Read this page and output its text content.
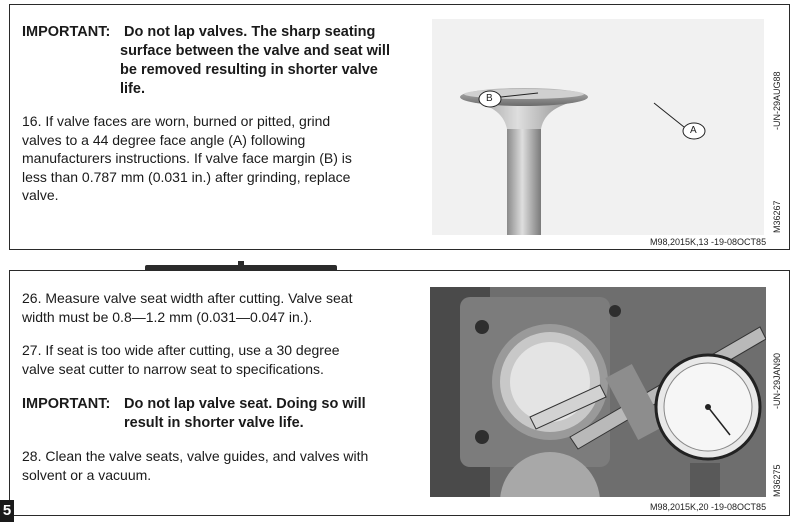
IMPORTANT: Do not lap valves. The sharp seating
surface between the valve and seat will
be removed resulting in shorter valve
life.
16. If valve faces are worn, burned or pitted, grind
valves to a 44 degree face angle (A) following
manufacturers instructions. If valve face margin (B) is
less than 0.787 mm (0.031 in.) after grinding, replace
valve.
B
A
-UN-29AUG88
M36267
M98,2015K,13 -19-08OCT85
26. Measure valve seat width after cutting. Valve seat
width must be 0.8—1.2 mm (0.031—0.047 in.).
27. If seat is too wide after cutting, use a 30 degree
valve seat cutter to narrow seat to specifications.
IMPORTANT: Do not lap valve seat. Doing so will
result in shorter valve life.
28. Clean the valve seats, valve guides, and valves with
solvent or a vacuum.
-UN-29JAN90
M36275
M98,2015K,20 -19-08OCT85
5
